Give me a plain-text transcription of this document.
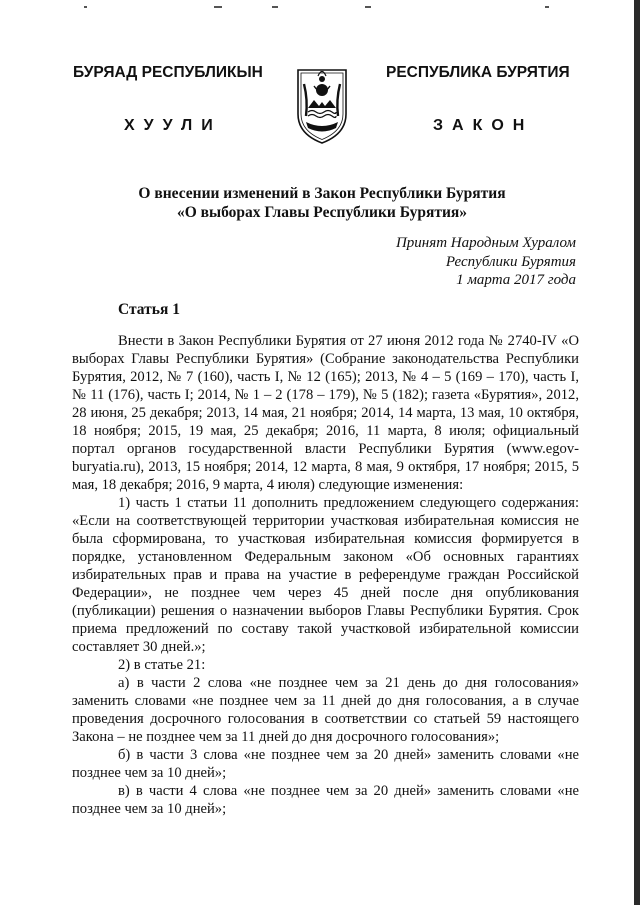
БУРЯАД РЕСПУБЛИКЫН	РЕСПУБЛИКА БУРЯТИЯ
ХУУЛИ	ЗАКОН
О внесении изменений в Закон Республики Бурятия
«О выборах Главы Республики Бурятия»
Принят Народным Хуралом
Республики Бурятия
1 марта 2017 года
Статья 1

Внести в Закон Республики Бурятия от 27 июня 2012 года № 2740-IV «О выборах Главы Республики Бурятия» (Собрание законодательства Республики Бурятия, 2012, № 7 (160), часть I, № 12 (165); 2013, № 4 – 5 (169 – 170), часть I, № 11 (176), часть I; 2014, № 1 – 2 (178 – 179), № 5 (182); газета «Бурятия», 2012, 28 июня, 25 декабря; 2013, 14 мая, 21 ноября; 2014, 14 марта, 13 мая, 10 октября, 18 ноября; 2015, 19 мая, 25 декабря; 2016, 11 марта, 8 июля; официальный портал органов государственной власти Республики Бурятия (www.egov-buryatia.ru), 2013, 15 ноября; 2014, 12 марта, 8 мая, 9 октября, 17 ноября; 2015, 5 мая, 18 декабря; 2016, 9 марта, 4 июля) следующие изменения:

1) часть 1 статьи 11 дополнить предложением следующего содержания: «Если на соответствующей территории участковая избирательная комиссия не была сформирована, то участковая избирательная комиссия формируется в порядке, установленном Федеральным законом «Об основных гарантиях избирательных прав и права на участие в референдуме граждан Российской Федерации», не позднее чем через 45 дней после дня опубликования (публикации) решения о назначении выборов Главы Республики Бурятия. Срок приема предложений по составу такой участковой избирательной комиссии составляет 30 дней.»;

2) в статье 21:

а) в части 2 слова «не позднее чем за 21 день до дня голосования» заменить словами «не позднее чем за 11 дней до дня голосования, а в случае проведения досрочного голосования в соответствии со статьей 59 настоящего Закона – не позднее чем за 11 дней до дня досрочного голосования»;

б) в части 3 слова «не позднее чем за 20 дней» заменить словами «не позднее чем за 10 дней»;

в) в части 4 слова «не позднее чем за 20 дней» заменить словами «не позднее чем за 10 дней»;
